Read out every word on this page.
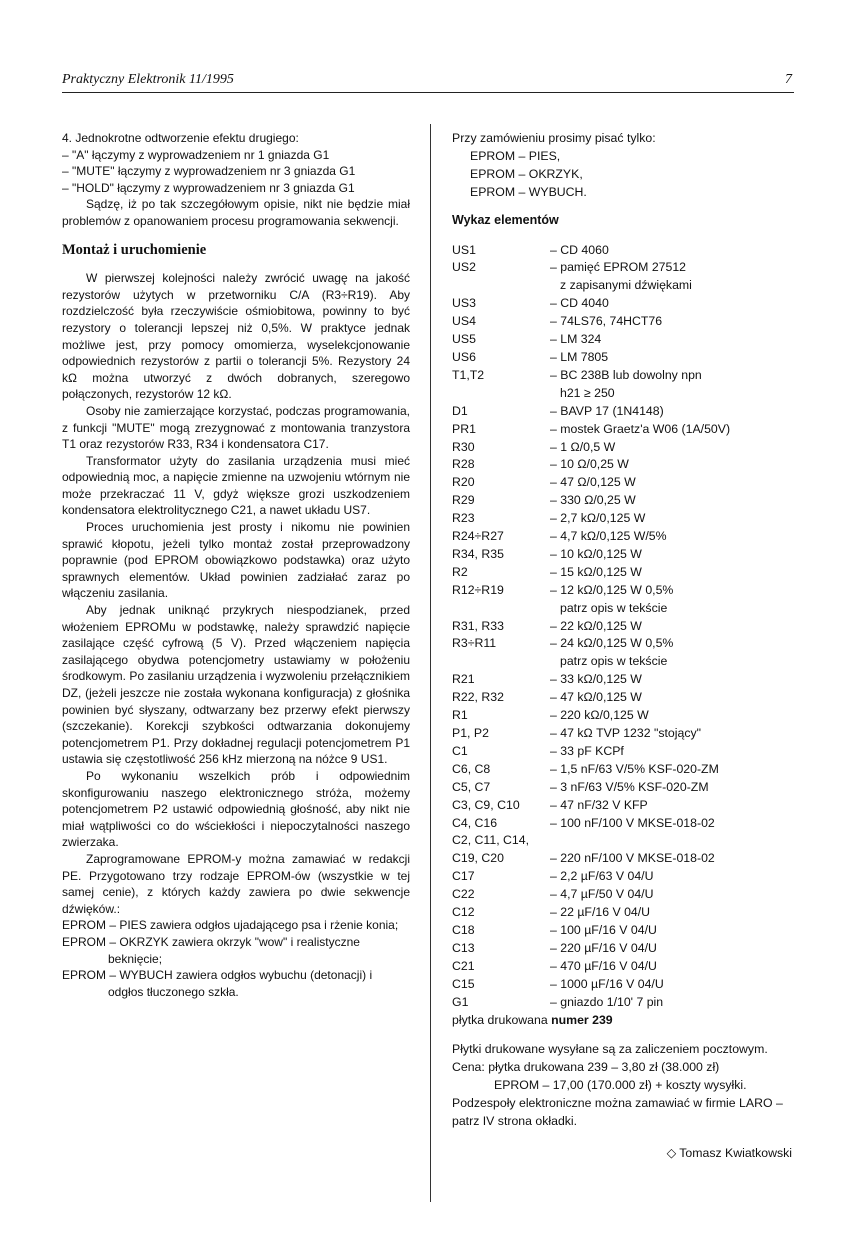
Praktyczny Elektronik 11/1995	7

4. Jednokrotne odtworzenie efektu drugiego:

– "A" łączymy z wyprowadzeniem nr 1 gniazda G1
– "MUTE" łączymy z wyprowadzeniem nr 3 gniazda G1
– "HOLD" łączymy z wyprowadzeniem nr 3 gniazda G1

Sądzę, iż po tak szczegółowym opisie, nikt nie będzie miał problemów z opanowaniem procesu programowania sekwencji.

Montaż i uruchomienie

W pierwszej kolejności należy zwrócić uwagę na jakość rezystorów użytych w przetworniku C/A (R3÷R19). Aby rozdzielczość była rzeczywiście ośmiobitowa, powinny to być rezystory o tolerancji lepszej niż 0,5%. W praktyce jednak możliwe jest, przy pomocy omomierza, wyselekcjonowanie odpowiednich rezystorów z partii o tolerancji 5%. Rezystory 24 kΩ można utworzyć z dwóch dobranych, szeregowo połączonych, rezystorów 12 kΩ.

Osoby nie zamierzające korzystać, podczas programowania, z funkcji "MUTE" mogą zrezygnować z montowania tranzystora T1 oraz rezystorów R33, R34 i kondensatora C17.

Transformator użyty do zasilania urządzenia musi mieć odpowiednią moc, a napięcie zmienne na uzwojeniu wtórnym nie może przekraczać 11 V, gdyż większe grozi uszkodzeniem kondensatora elektrolitycznego C21, a nawet układu US7.

Proces uruchomienia jest prosty i nikomu nie powinien sprawić kłopotu, jeżeli tylko montaż został przeprowadzony poprawnie (pod EPROM obowiązkowo podstawka) oraz użyto sprawnych elementów. Układ powinien zadziałać zaraz po włączeniu zasilania.

Aby jednak uniknąć przykrych niespodzianek, przed włożeniem EPROMu w podstawkę, należy sprawdzić napięcie zasilające część cyfrową (5 V). Przed włączeniem napięcia zasilającego obydwa potencjometry ustawiamy w położeniu środkowym. Po zasilaniu urządzenia i wyzwoleniu przełącznikiem DZ, (jeżeli jeszcze nie została wykonana konfiguracja) z głośnika powinien być słyszany, odtwarzany bez przerwy efekt pierwszy (szczekanie). Korekcji szybkości odtwarzania dokonujemy potencjometrem P1. Przy dokładnej regulacji potencjometrem P1 ustawia się częstotliwość 256 kHz mierzoną na nóżce 9 US1.

Po wykonaniu wszelkich prób i odpowiednim skonfigurowaniu naszego elektronicznego stróża, możemy potencjometrem P2 ustawić odpowiednią głośność, aby nikt nie miał wątpliwości co do wściekłości i niepoczytalności naszego zwierzaka.

Zaprogramowane EPROM-y można zamawiać w redakcji PE. Przygotowano trzy rodzaje EPROM-ów (wszystkie w tej samej cenie), z których każdy zawiera po dwie sekwencje dźwięków.:

EPROM – PIES zawiera odgłos ujadającego psa i rżenie konia;

EPROM – OKRZYK zawiera okrzyk "wow" i realistyczne beknięcie;

EPROM – WYBUCH zawiera odgłos wybuchu (detonacji) i odgłos tłuczonego szkła.

Przy zamówieniu prosimy pisać tylko:

EPROM – PIES,
EPROM – OKRZYK,
EPROM – WYBUCH.
Wykaz elementów
US1	– CD 4060
US2	– pamięć EPROM 27512
z zapisanymi dźwiękami
US3	– CD 4040
US4	– 74LS76, 74HCT76
US5	– LM 324
US6	– LM 7805
T1,T2	– BC 238B lub dowolny npn
h21 ≥ 250
D1	– BAVP 17 (1N4148)
PR1	– mostek Graetz'a W06 (1A/50V)
R30	– 1 Ω/0,5 W
R28	– 10 Ω/0,25 W
R20	– 47 Ω/0,125 W
R29	– 330 Ω/0,25 W
R23	– 2,7 kΩ/0,125 W
R24÷R27	– 4,7 kΩ/0,125 W/5%
R34, R35	– 10 kΩ/0,125 W
R2	– 15 kΩ/0,125 W
R12÷R19	– 12 kΩ/0,125 W 0,5%
patrz opis w tekście
R31, R33	– 22 kΩ/0,125 W
R3÷R11	– 24 kΩ/0,125 W 0,5%
patrz opis w tekście
R21	– 33 kΩ/0,125 W
R22, R32	– 47 kΩ/0,125 W
R1	– 220 kΩ/0,125 W
P1, P2	– 47 kΩ TVP 1232 "stojący"
C1	– 33 pF KCPf
C6, C8	– 1,5 nF/63 V/5% KSF-020-ZM
C5, C7	– 3 nF/63 V/5% KSF-020-ZM
C3, C9, C10	– 47 nF/32 V KFP
C4, C16	– 100 nF/100 V MKSE-018-02
C2, C11, C14,
C19, C20	– 220 nF/100 V MKSE-018-02
C17	– 2,2 µF/63 V 04/U
C22	– 4,7 µF/50 V 04/U
C12	– 22 µF/16 V 04/U
C18	– 100 µF/16 V 04/U
C13	– 220 µF/16 V 04/U
C21	– 470 µF/16 V 04/U
C15	– 1000 µF/16 V 04/U
G1	– gniazdo 1/10' 7 pin
płytka drukowana numer 239

Płytki drukowane wysyłane są za zaliczeniem pocztowym.

Cena: płytka drukowana 239 – 3,80 zł (38.000 zł)
EPROM – 17,00 (170.000 zł) + koszty wysyłki.

Podzespoły elektroniczne można zamawiać w firmie LARO – patrz IV strona okładki.

◇ Tomasz Kwiatkowski
